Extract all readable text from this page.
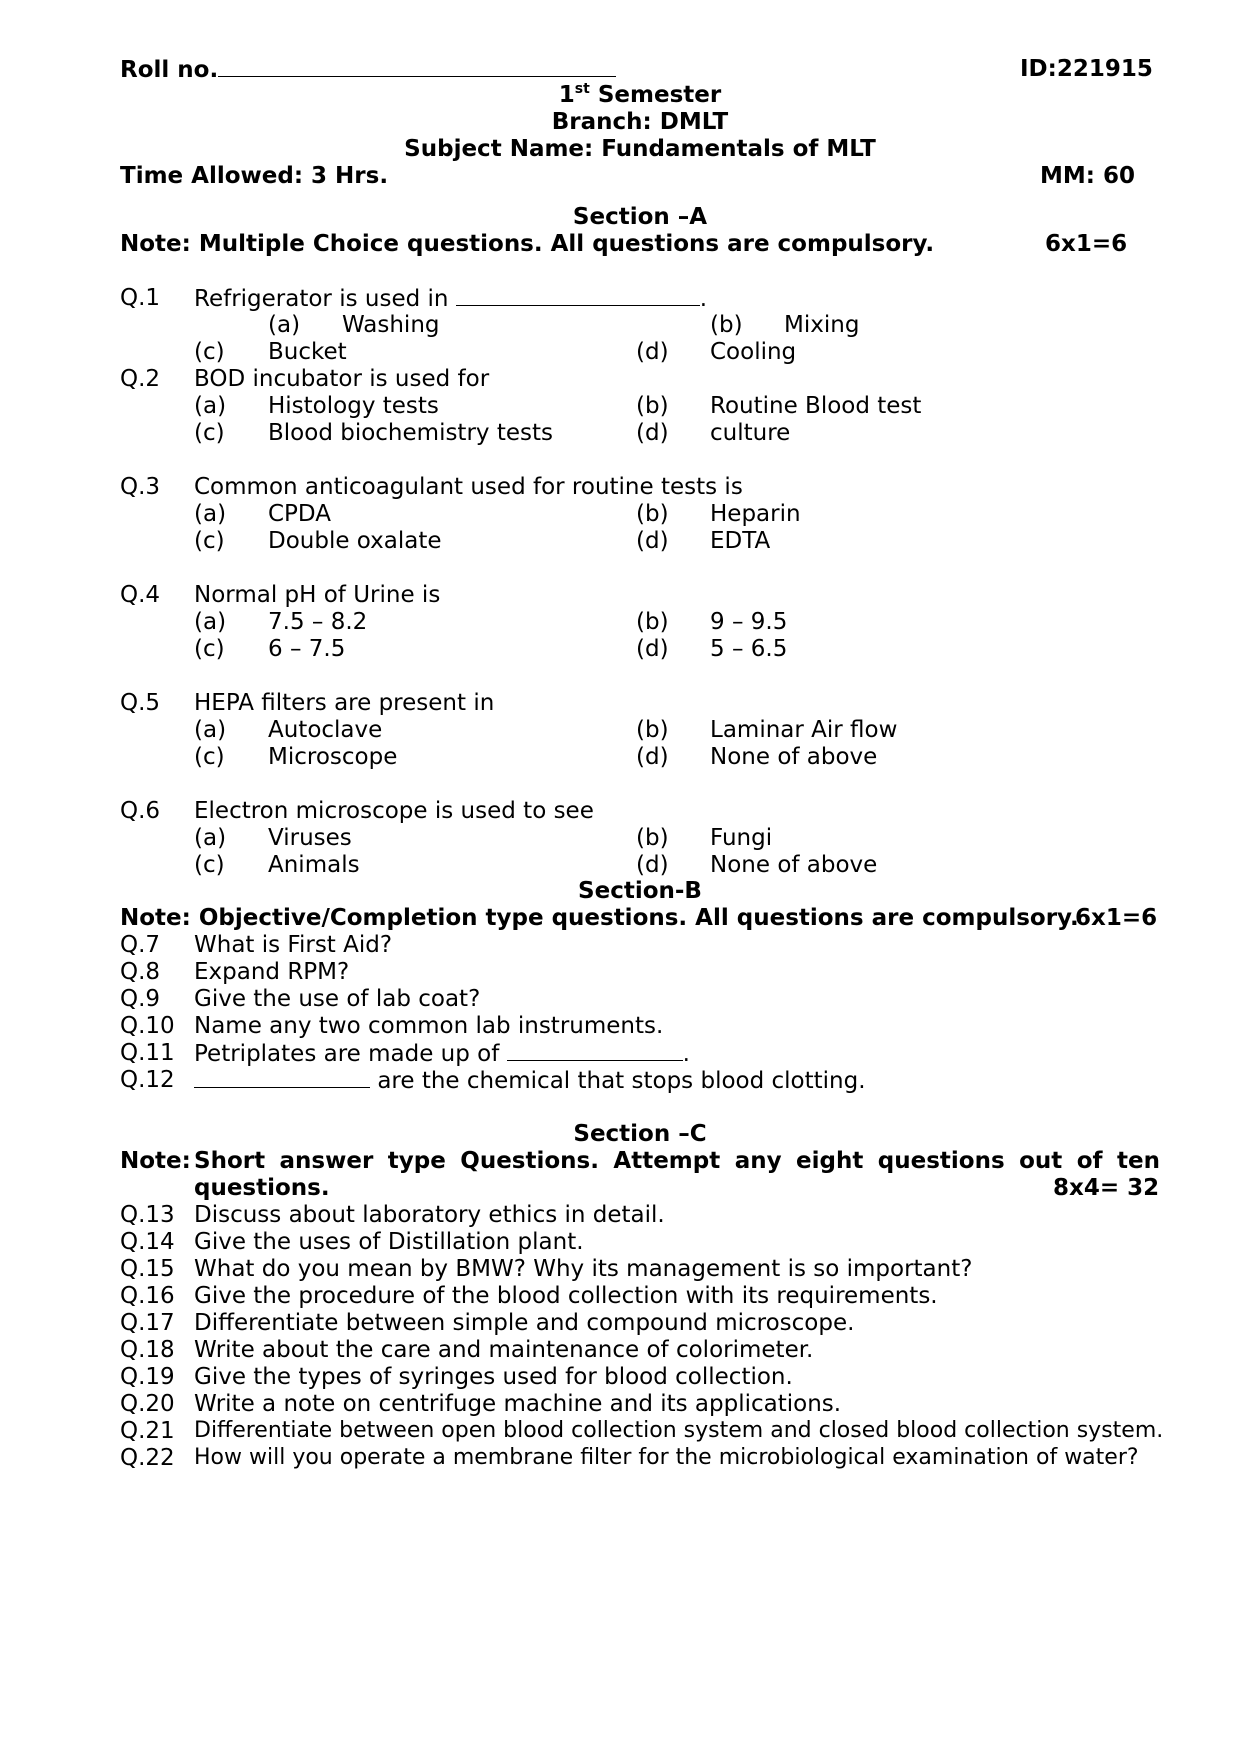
Roll no.	ID:221915
1st Semester
Branch: DMLT
Subject Name: Fundamentals of MLT
Time Allowed: 3 Hrs.	MM: 60
Section –A
Note: Multiple Choice questions. All questions are compulsory.	6x1=6
Q.1 Refrigerator is used in	.
(a) Washing	(b) Mixing
(c) Bucket	(d) Cooling
Q.2 BOD incubator is used for
(a) Histology tests	(b) Routine Blood test
(c) Blood biochemistry tests	(d) culture
Q.3 Common anticoagulant used for routine tests is
(a) CPDA	(b) Heparin
(c) Double oxalate	(d) EDTA
Q.4 Normal pH of Urine is
(a) 7.5 – 8.2	(b) 9 – 9.5
(c) 6 – 7.5	(d) 5 – 6.5
Q.5 HEPA filters are present in
(a) Autoclave	(b) Laminar Air flow
(c) Microscope	(d) None of above
Q.6 Electron microscope is used to see
(a) Viruses	(b) Fungi
(c) Animals	(d) None of above
Section-B
Note: Objective/Completion type questions. All questions are compulsory.
6x1=6
Q.7 What is First Aid?
Q.8 Expand RPM?
Q.9 Give the use of lab coat?
Q.10 Name any two common lab instruments.
Q.11 Petriplates are made up of	.
Q.12	are the chemical that stops blood clotting.
Section –C
Note: Short answer type Questions. Attempt any eight questions out of ten
questions.	8x4= 32
Q.13 Discuss about laboratory ethics in detail.
Q.14 Give the uses of Distillation plant.
Q.15 What do you mean by BMW? Why its management is so important?
Q.16 Give the procedure of the blood collection with its requirements.
Q.17 Differentiate between simple and compound microscope.
Q.18 Write about the care and maintenance of colorimeter.
Q.19 Give the types of syringes used for blood collection.
Q.20 Write a note on centrifuge machine and its applications.
Q.21 Differentiate between open blood collection system and closed blood collection system.
Q.22 How will you operate a membrane filter for the microbiological examination of water?
